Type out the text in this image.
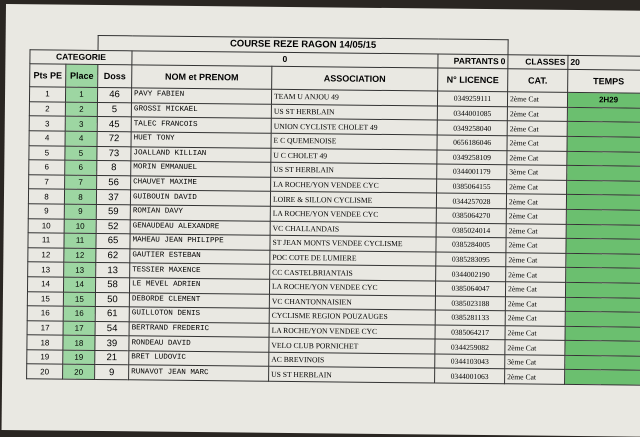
		COURSE REZE RAGON 14/05/15					
CATEGORIE			0		PARTANTS 0	CLASSES	20
Pts PE	Place	Doss	NOM et PRENOM	ASSOCIATION	N° LICENCE	CAT.	TEMPS
1	1	46	PAVY FABIEN	TEAM U ANJOU 49	0349259111	2ème Cat	2H29
2	2	5	GROSSI MICKAEL	US ST HERBLAIN	0344001085	2ème Cat	
3	3	45	TALEC FRANCOIS	UNION CYCLISTE CHOLET 49	0349258040	2ème Cat	
4	4	72	HUET TONY	E C QUEMENOISE	0656186046	2ème Cat	
5	5	73	JOALLAND KILLIAN	U C CHOLET 49	0349258109	2ème Cat	
6	6	8	MORIN EMMANUEL	US ST HERBLAIN	0344001179	3ème Cat	
7	7	56	CHAUVET MAXIME	LA ROCHE/YON VENDEE CYC	0385064155	2ème Cat	
8	8	37	GUIBOUIN DAVID	LOIRE & SILLON CYCLISME	0344257028	2ème Cat	
9	9	59	ROMIAN DAVY	LA ROCHE/YON VENDEE CYC	0385064270	2ème Cat	
10	10	52	GENAUDEAU ALEXANDRE	VC CHALLANDAIS	0385024014	2ème Cat	
11	11	65	MAHEAU JEAN PHILIPPE	ST JEAN MONTS VENDEE CYCLISME	0385284005	2ème Cat	
12	12	62	GAUTIER ESTEBAN	POC COTE DE LUMIERE	0385283095	2ème Cat	
13	13	13	TESSIER MAXENCE	CC CASTELBRIANTAIS	0344002190	2ème Cat	
14	14	58	LE MEVEL ADRIEN	LA ROCHE/YON VENDEE CYC	0385064047	2ème Cat	
15	15	50	DEBORDE CLEMENT	VC CHANTONNAISIEN	0385023188	2ème Cat	
16	16	61	GUILLOTON DENIS	CYCLISME REGION POUZAUGES	0385281133	2ème Cat	
17	17	54	BERTRAND FREDERIC	LA ROCHE/YON VENDEE CYC	0385064217	2ème Cat	
18	18	39	RONDEAU DAVID	VELO CLUB PORNICHET	0344259082	2ème Cat	
19	19	21	BRET LUDOVIC	AC BREVINOIS	0344103043	3ème Cat	
20	20	9	RUNAVOT JEAN MARC	US ST HERBLAIN	0344001063	2ème Cat	
